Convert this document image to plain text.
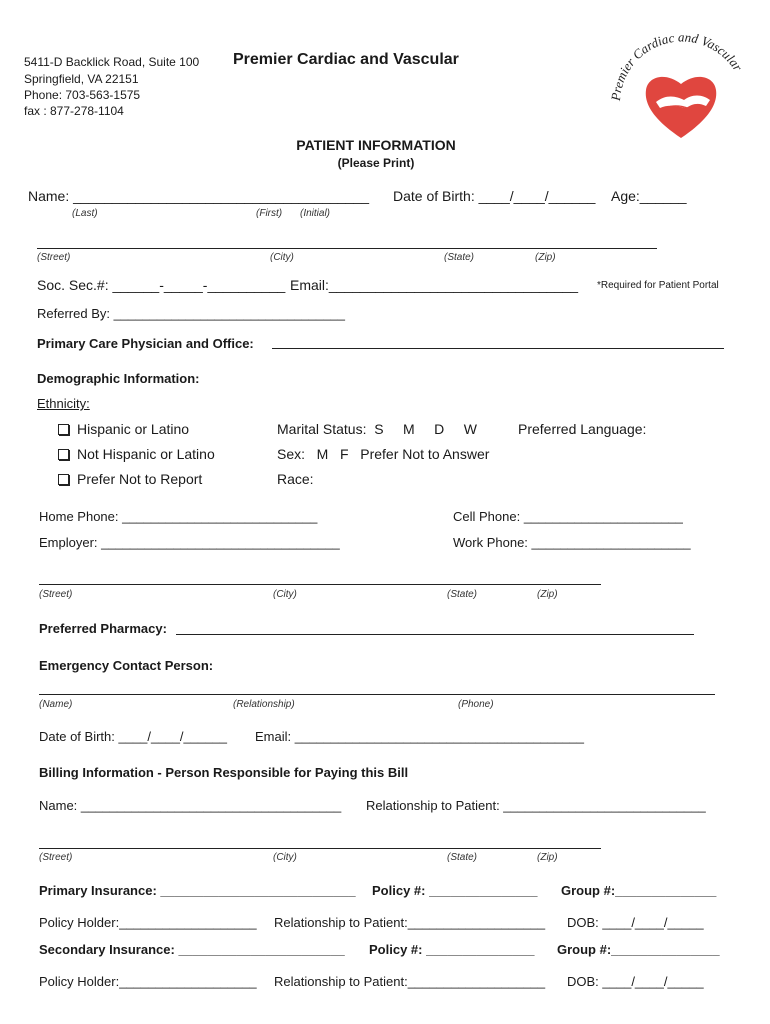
5411-D Backlick Road, Suite 100
Springfield, VA 22151
Phone: 703-563-1575
fax : 877-278-1104
Premier Cardiac and Vascular
Premier Cardiac and Vascular
PATIENT INFORMATION
(Please Print)
Name: ______________________________________ Date of Birth: ____/____/______ Age:______
(Last)	(First) (Initial)
(Street)	(City)	(State)	(Zip)
Soc. Sec.#: ______-_____-__________ Email:________________________________ *Required for Patient Portal
Referred By: ________________________________
Primary Care Physician and Office:
Demographic Information:
Ethnicity:
Hispanic or Latino
Not Hispanic or Latino
Prefer Not to Report
Marital Status:  S     M     D     W	Preferred Language:
Sex:   M   F   Prefer Not to Answer
Race:
Home Phone: ___________________________	Cell Phone: ______________________
Employer: _________________________________	Work Phone: ______________________
(Street)	(City)	(State)	(Zip)
Preferred Pharmacy:
Emergency Contact Person:
(Name)	(Relationship)	(Phone)
Date of Birth: ____/____/______ Email: ________________________________________
Billing Information - Person Responsible for Paying this Bill
Name: ____________________________________ Relationship to Patient: ____________________________
(Street)	(City)	(State)	(Zip)
Primary Insurance: ___________________________ Policy #: _______________ Group #:______________
Policy Holder:___________________ Relationship to Patient:___________________ DOB: ____/____/_____
Secondary Insurance: _______________________ Policy #: _______________ Group #:_______________
Policy Holder:___________________ Relationship to Patient:___________________ DOB: ____/____/_____
